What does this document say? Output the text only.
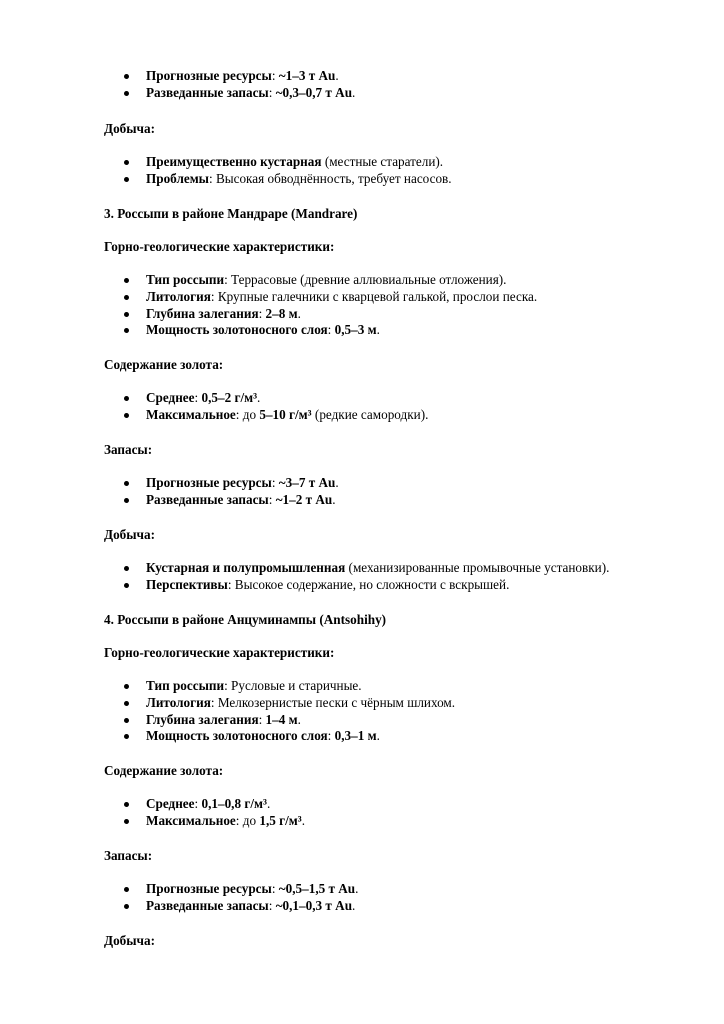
Прогнозные ресурсы: ~1–3 т Au.
Разведанные запасы: ~0,3–0,7 т Au.
Добыча:
Преимущественно кустарная (местные старатели).
Проблемы: Высокая обводнённость, требует насосов.
3. Россыпи в районе Мандраре (Mandrare)
Горно-геологические характеристики:
Тип россыпи: Террасовые (древние аллювиальные отложения).
Литология: Крупные галечники с кварцевой галькой, прослои песка.
Глубина залегания: 2–8 м.
Мощность золотоносного слоя: 0,5–3 м.
Содержание золота:
Среднее: 0,5–2 г/м³.
Максимальное: до 5–10 г/м³ (редкие самородки).
Запасы:
Прогнозные ресурсы: ~3–7 т Au.
Разведанные запасы: ~1–2 т Au.
Добыча:
Кустарная и полупромышленная (механизированные промывочные установки).
Перспективы: Высокое содержание, но сложности с вскрышей.
4. Россыпи в районе Анцуминампы (Antsohihy)
Горно-геологические характеристики:
Тип россыпи: Русловые и старичные.
Литология: Мелкозернистые пески с чёрным шлихом.
Глубина залегания: 1–4 м.
Мощность золотоносного слоя: 0,3–1 м.
Содержание золота:
Среднее: 0,1–0,8 г/м³.
Максимальное: до 1,5 г/м³.
Запасы:
Прогнозные ресурсы: ~0,5–1,5 т Au.
Разведанные запасы: ~0,1–0,3 т Au.
Добыча:
